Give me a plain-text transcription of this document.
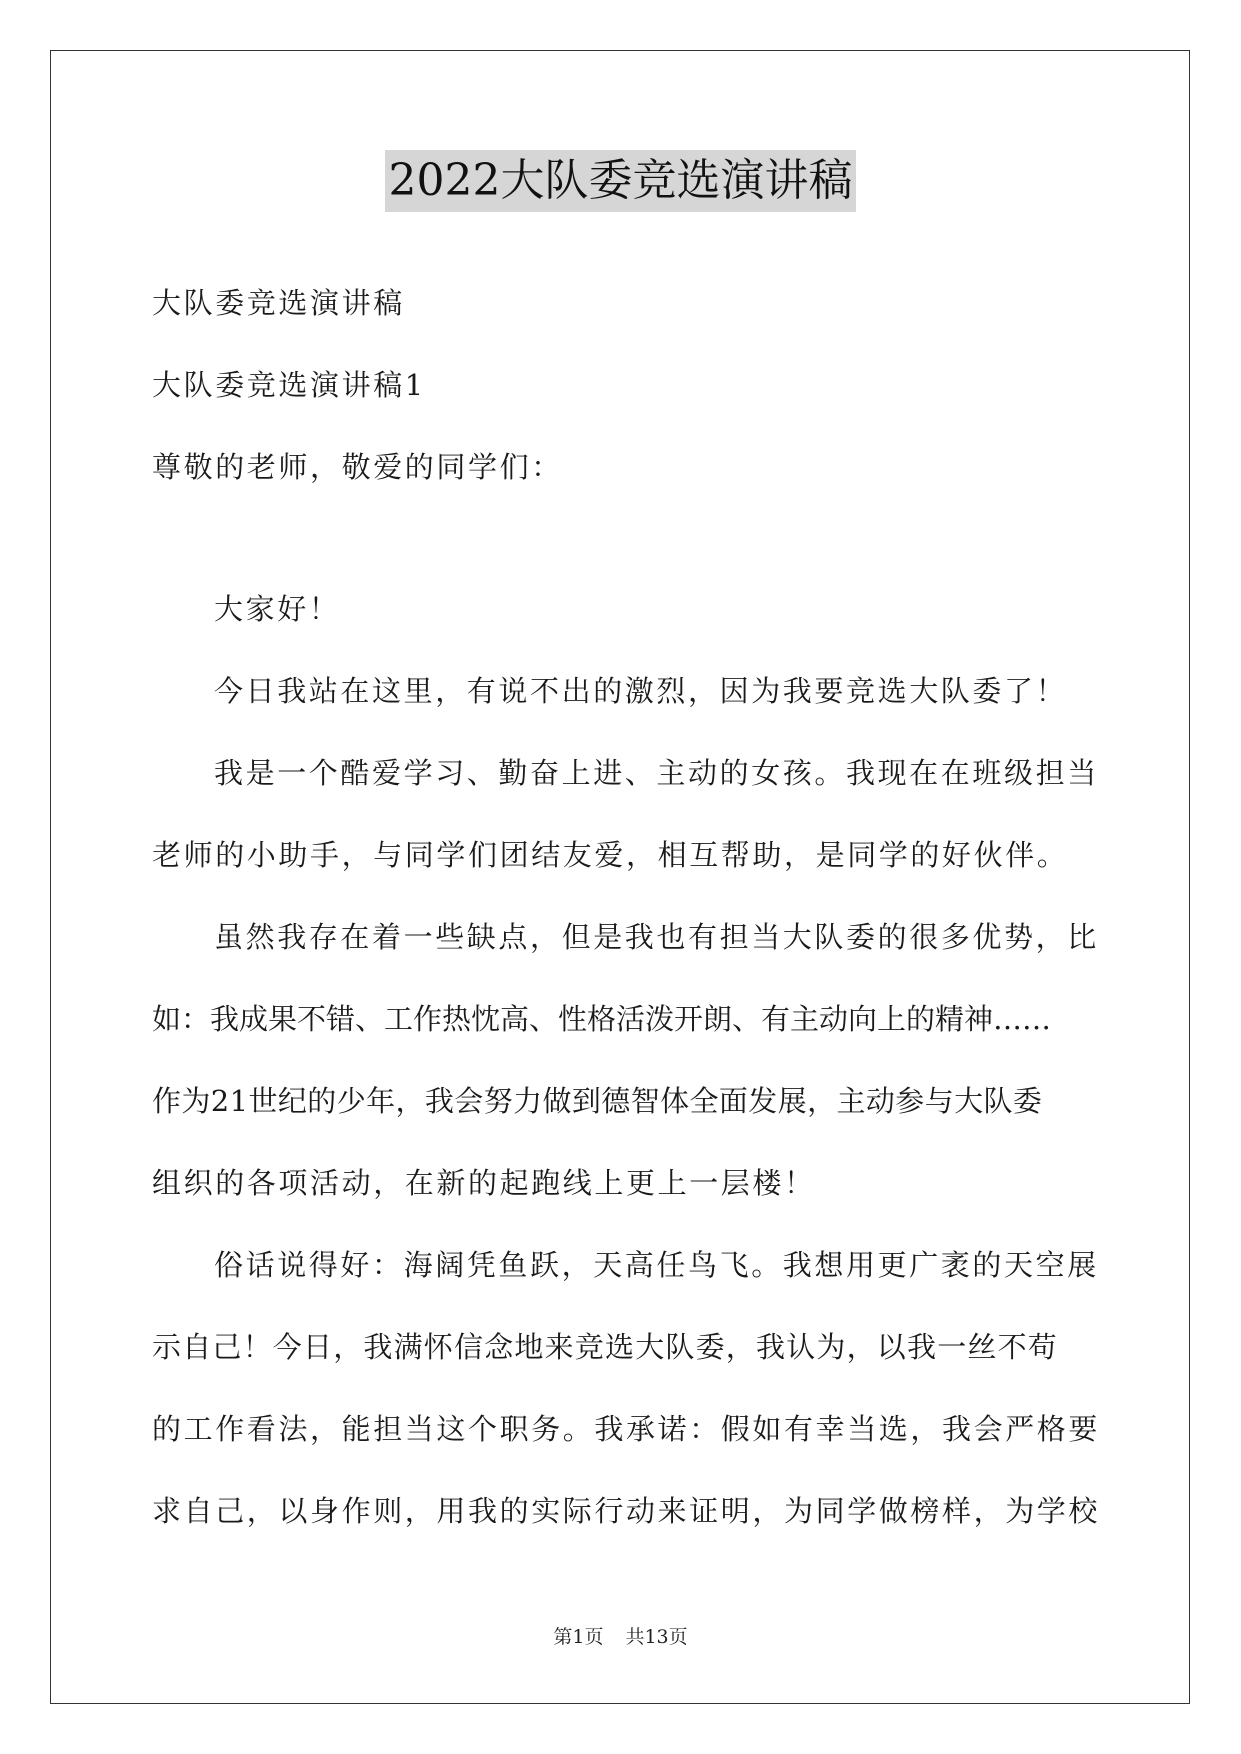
2022大队委竞选演讲稿
大队委竞选演讲稿
大队委竞选演讲稿1
尊敬的老师，敬爱的同学们：
大家好！
今日我站在这里，有说不出的激烈，因为我要竞选大队委了！
我是一个酷爱学习、勤奋上进、主动的女孩。我现在在班级担当
老师的小助手，与同学们团结友爱，相互帮助，是同学的好伙伴。
虽然我存在着一些缺点，但是我也有担当大队委的很多优势，比
如：我成果不错、工作热忱高、性格活泼开朗、有主动向上的精神……
作为21世纪的少年，我会努力做到德智体全面发展，主动参与大队委
组织的各项活动，在新的起跑线上更上一层楼！
俗话说得好：海阔凭鱼跃，天高任鸟飞。我想用更广袤的天空展
示自己！今日，我满怀信念地来竞选大队委，我认为，以我一丝不苟
的工作看法，能担当这个职务。我承诺：假如有幸当选，我会严格要
求自己，以身作则，用我的实际行动来证明，为同学做榜样，为学校
第1页 共13页
